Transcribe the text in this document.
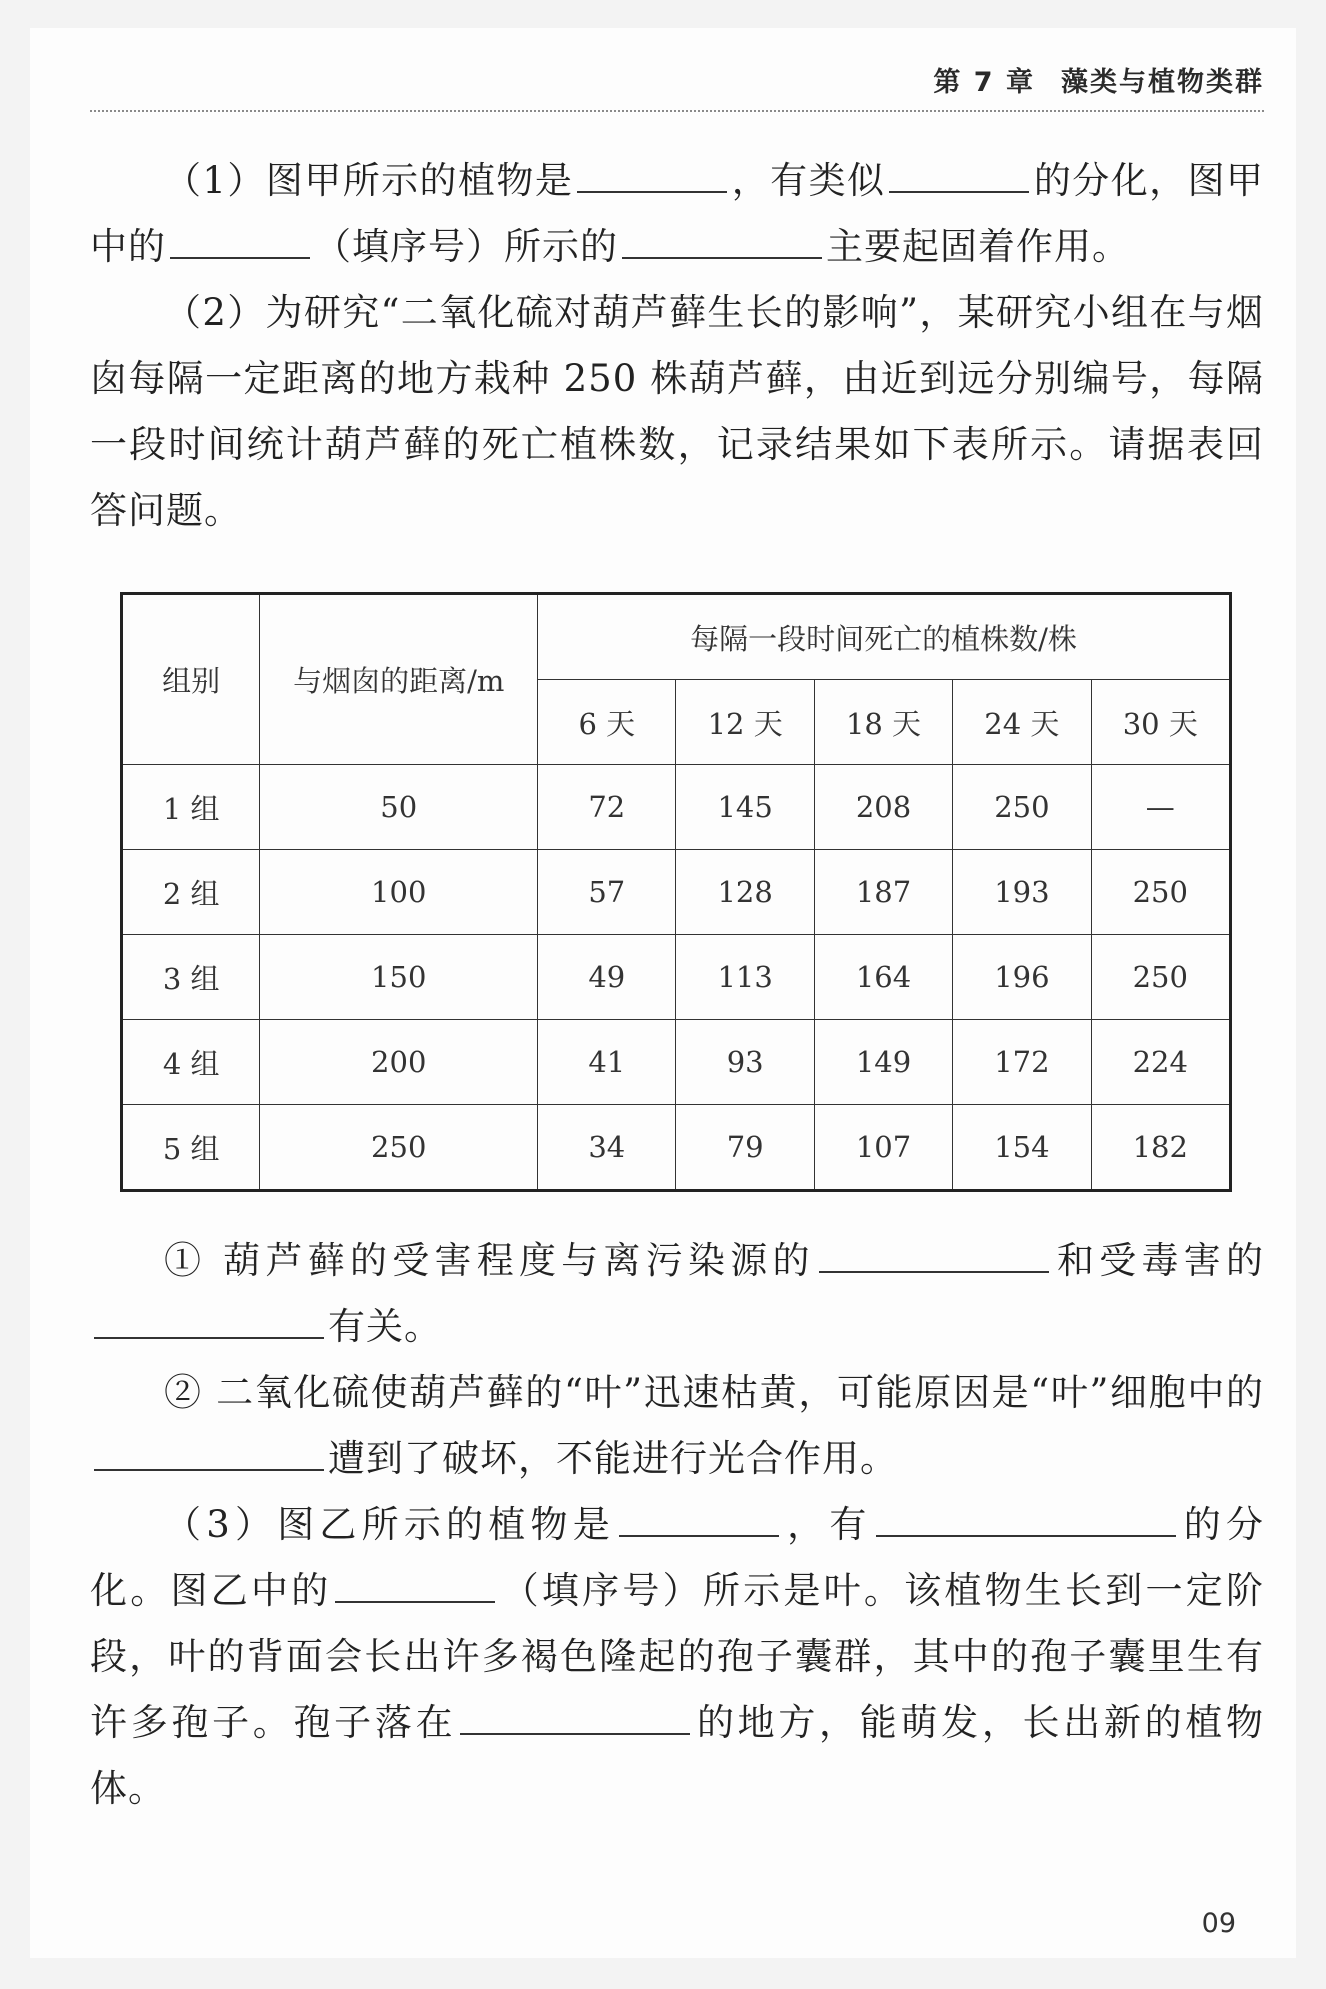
第 7 章 藻类与植物类群

（1）图甲所示的植物是	，有类似	的分化，图甲中的	（填序号）所示的	主要起固着作用。

（2）为研究“二氧化硫对葫芦藓生长的影响”，某研究小组在与烟囱每隔一定距离的地方栽种 250 株葫芦藓，由近到远分别编号，每隔一段时间统计葫芦藓的死亡植株数，记录结果如下表所示。请据表回答问题。

组别	与烟囱的距离/m	每隔一段时间死亡的植株数/株				
		6 天	12 天	18 天	24 天	30 天
1 组	50	72	145	208	250	—
2 组	100	57	128	187	193	250
3 组	150	49	113	164	196	250
4 组	200	41	93	149	172	224
5 组	250	34	79	107	154	182

① 葫芦藓的受害程度与离污染源的	和受毒害的有关。

② 二氧化硫使葫芦藓的“叶”迅速枯黄，可能原因是“叶”细胞中的遭到了破坏，不能进行光合作用。

（3）图乙所示的植物是	，有	的分化。图乙中的	（填序号）所示是叶。该植物生长到一定阶段，叶的背面会长出许多褐色隆起的孢子囊群，其中的孢子囊里生有许多孢子。孢子落在	的地方，能萌发，长出新的植物体。

09
